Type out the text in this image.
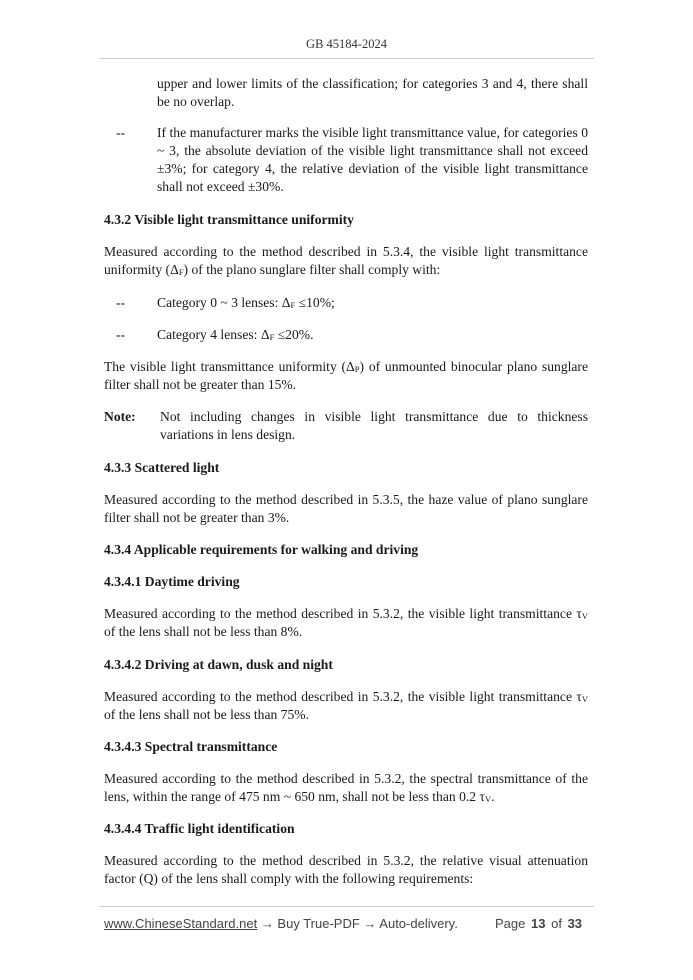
GB 45184-2024
upper and lower limits of the classification; for categories 3 and 4, there shall be no overlap.
-- If the manufacturer marks the visible light transmittance value, for categories 0 ~ 3, the absolute deviation of the visible light transmittance shall not exceed ±3%; for category 4, the relative deviation of the visible light transmittance shall not exceed ±30%.
4.3.2 Visible light transmittance uniformity
Measured according to the method described in 5.3.4, the visible light transmittance uniformity $(\Delta_F)$ of the plano sunglare filter shall comply with:
-- Category 0 ~ 3 lenses: $\Delta_F \le 10\%$;
-- Category 4 lenses: $\Delta_F \le 20\%$.
The visible light transmittance uniformity $(\Delta_P)$ of unmounted binocular plano sunglare filter shall not be greater than 15%.
Note: Not including changes in visible light transmittance due to thickness variations in lens design.
4.3.3 Scattered light
Measured according to the method described in 5.3.5, the haze value of plano sunglare filter shall not be greater than 3%.
4.3.4 Applicable requirements for walking and driving
4.3.4.1 Daytime driving
Measured according to the method described in 5.3.2, the visible light transmittance $\tau_V$ of the lens shall not be less than 8%.
4.3.4.2 Driving at dawn, dusk and night
Measured according to the method described in 5.3.2, the visible light transmittance $\tau_V$ of the lens shall not be less than 75%.
4.3.4.3 Spectral transmittance
Measured according to the method described in 5.3.2, the spectral transmittance of the lens, within the range of 475 nm ~ 650 nm, shall not be less than 0.2 $\tau_V$.
4.3.4.4 Traffic light identification
Measured according to the method described in 5.3.2, the relative visual attenuation factor (Q) of the lens shall comply with the following requirements:
www.ChineseStandard.net → Buy True-PDF → Auto-delivery.	Page 13 of 33
